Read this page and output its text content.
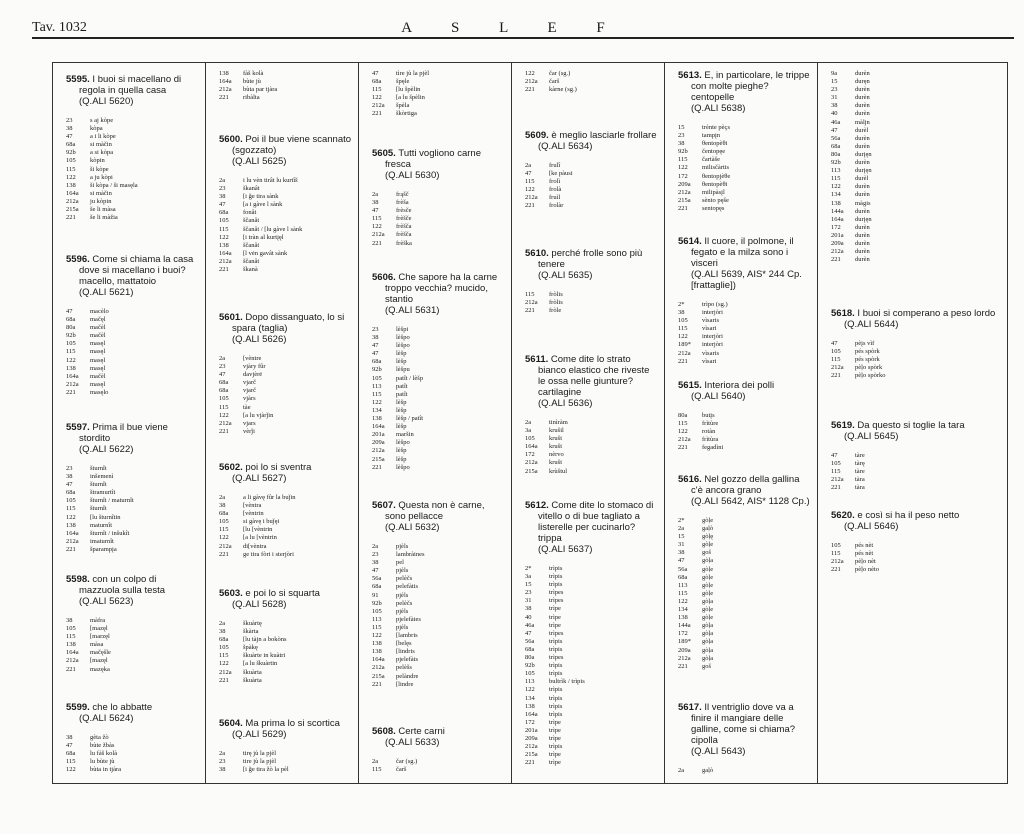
Tav. 1032	A S L E F
5595. I buoi si macellano di regola in quella casa
(Q.ALI 5620)
23	s aj kòpe
38	kòpa
47	a i li kòpe
68a	si màčin
92b	a si kòpa
105	kòpin
115	ši kòpe
122	a ju kòpi
138	ši kòpa / ši masęla
164a	si màčin
212a	ju kòpin
215a	še li màsa
221	še li màžia
5596. Come si chiama la casa dove si macellano i buoi? macello, mattatoio
(Q.ALI 5621)
47	macèlo
68a	mačęl
80a	mačèl
92b	mačèl
105	masęl
115	masęl
122	masęl
138	masęl
164a	mačèl
212a	masęl
221	masęlo
5597. Prima il bue viene stordito
(Q.ALI 5622)
23	šturnît
38	inšemenì
47	šturnît
68a	štramurtît
105	šturnît / maturnît
115	šturnît
122	[lu šturnîtin
138	maturnît
164a	šturnît / inšukît
212a	imaturnît
221	šparampįa
5598. con un colpo di mazzuola sulla testa
(Q.ALI 5623)
38	màfra
105	[mazęl
115	[marzęl
138	màsa
164a	mačęšle
212a	[mazęl
221	mazęka
5599. che lo abbatte
(Q.ALI 5624)
38	gèta žò
47	bùte žbàs
68a	lu fàš kolà
115	lu bùte jù
122	bùta in tjàra
138	fàš kolà
164a	bùte jù
212a	bùta par tjàra
221	ribàlta
5600. Poi il bue viene scannato (sgozzato)
(Q.ALI 5625)
2a	i lu vèn tirât lu kurtîš
23	škanât
38	[i ğe tira sànk
47	[a i gàve l sànk
68a	fonât
105	ščanât
115	ščanât / [lu gàve l sànk
122	[i tràn al kurtįęl
138	ščanât
164a	[l vėn gavât sànk
212a	ščanât
221	škanà
5601. Dopo dissanguato, lo si spara (taglia)
(Q.ALI 5626)
2a	[vèntre
23	vjàry fûr
47	davjèrē
68a	vjarč
68a	vjarč
105	vjàrs
115	tàe
122	[a lu vjàrǰin
212a	vjars
221	vèrǰi
5602. poi lo si sventra
(Q.ALI 5627)
2a	a li gàvę fûr la buǰin
38	[vèntra
68a	[vèntrin
105	si gàvę i buǰęi
115	[lu [vèntrin
122	[a lu [vèntrin
212a	di[vèntra
221	ge tira fòri i sterjòri
5603. e poi lo si squarta
(Q.ALI 5628)
2a	škuàrtę
38	škàrta
68a	[lu tàjn a bokòns
105	špàkę
115	škuàrte in kuàtri
122	[a lu škuàrtin
212a	škuàrta
221	škuàrta
5604. Ma prima lo si scortica
(Q.ALI 5629)
2a	tirę jù la pjèl
23	tire jù la pjèl
38	[i ğe tira žò la pèl
47	tìre jù la pjèl
68a	špęle
115	[lu špèlin
122	[a lu špèlin
212a	špèla
221	škòrtiga
5605. Tutti vogliono carne fresca
(Q.ALI 5630)
2a	frąšč
38	frèša
47	frèsče
115	frèšče
122	frèšča
212a	frèšča
221	frèška
5606. Che sapore ha la carne troppo vecchia? mucido, stantio
(Q.ALI 5631)
23	lèšpi
38	lèšpo
47	lèšpo
47	lèšp
68a	lèšp
92b	lèšpu
105	patît / lèšp
113	patît
115	patît
122	lèšp
134	lèšp
138	lèšp / patît
164a	lèšp
201a	maršin
209a	lèšpo
212a	lèšp
215a	lèšp
221	lèšpo
5607. Questa non è carne, sono pellacce
(Q.ALI 5632)
2a	pjèls
23	lambràines
38	pel
47	pjèls
56a	pelèčs
68a	pelefàtis
91	pjèls
92b	pelèčs
105	pjèls
113	pjelefàtes
115	pjèls
122	[lambris
138	[belęs
138	[lindris
164a	pjelefàts
212a	pelèšs
215a	pelàndre
221	[lindre
5608. Certe carni
(Q.ALI 5633)
2a	čar (sg.)
115	čarš
122	čar (sg.)
212a	čarš
221	kàrne (sg.)
5609. è meglio lasciarle frollare
(Q.ALI 5634)
2a	frulî
47	[ke pàusi
115	frolì
122	frolà
212a	fruìl
221	frolàr
5610. perché frolle sono più tenere
(Q.ALI 5635)
115	fròlis
212a	fròlis
221	fròle
5611. Come dite lo strato bianco elastico che riveste le ossa nelle giunture? cartilagine
(Q.ALI 5636)
2a	tinìràm
3a	krušil
105	krušt
164a	krušt
172	nèrvo
212a	krušt
215a	krùštul
5612. Come dite lo stomaco di vitello o di bue tagliato a listerelle per cucinarlo? trippa
(Q.ALI 5637)
2*	trìpis
3a	trìpis
15	trìpis
23	trìpes
31	trìpes
38	trìpe
40	trìpe
46a	trìpe
47	trìpes
56a	trìpis
68a	trìpis
80a	trìpes
92b	trìpis
105	trìpis
113	bultrìk / trìpis
122	trìpis
134	trìpis
138	trìpis
164a	trìpis
172	trìpe
201a	trìpe
209a	trìpe
212a	trìpis
215a	trìpe
221	trìpe
5613. E, in particolare, le trippe con molte pieghe? centopelle
(Q.ALI 5638)
15	trènte pèçs
23	tampįn
38	θentopèθi
92b	čentopęe
115	čartàše
122	milisčàrtis
172	θentopjèθe
209a	θentopèθi
212a	milipàsįl
215a	sènto pęše
221	sentopęs
5614. Il cuore, il polmone, il fegato e la milza sono i visceri
(Q.ALI 5639, AIS* 244 Cp. [frattaglie])
2*	trìpo (sg.)
38	interjòri
105	vìsaris
115	vìsari
122	interjòri
189*	interjòri
212a	vìsaris
221	vìsari
5615. Interiora dei polli
(Q.ALI 5640)
80a	butįs
115	frìtùre
122	rotàn
212a	frìtùra
221	fegadìni
5616. Nel gozzo della gallina c'è ancora grano
(Q.ALI 5642, AIS* 1128 Cp.)
2*	gòļe
2a	gaļò
15	gòļę
31	gòļe
38	goš
47	gòļa
56a	gòļe
68a	gòļe
113	gòļe
115	gòļe
122	gòļa
134	gòļe
138	gòļe
144a	gòļa
172	gòļa
189*	gòļa
209a	gòļa
212a	gòļa
221	goš
5617. Il ventriglio dove va a finire il mangiare delle galline, come si chiama? cipolla
(Q.ALI 5643)
2a	gaļò
9a	durèn
15	duręn
23	durèn
31	durèn
38	durèn
40	durèn
46a	màljn
47	durèl
56a	durèn
68a	durèn
80a	durįęn
92b	durèn
113	durįęn
115	durèl
122	durèn
134	durèn
138	màgis
144a	durèn
164a	durįęn
172	durèn
201a	durèn
209a	durèn
212a	durèn
221	durèn
5618. I buoi si comperano a peso lordo
(Q.ALI 5644)
47	pèįs vìf
105	pés spòrk
115	pés spòrk
212a	pèļo spòrk
221	pèļo spòrko
5619. Da questo si toglie la tara
(Q.ALI 5645)
47	tàre
105	tàrę
115	tàre
212a	tàra
221	tàra
5620. e così si ha il peso netto
(Q.ALI 5646)
105	pés nèt
115	pés nèt
212a	pèļo nèt
221	pèļo nèto
